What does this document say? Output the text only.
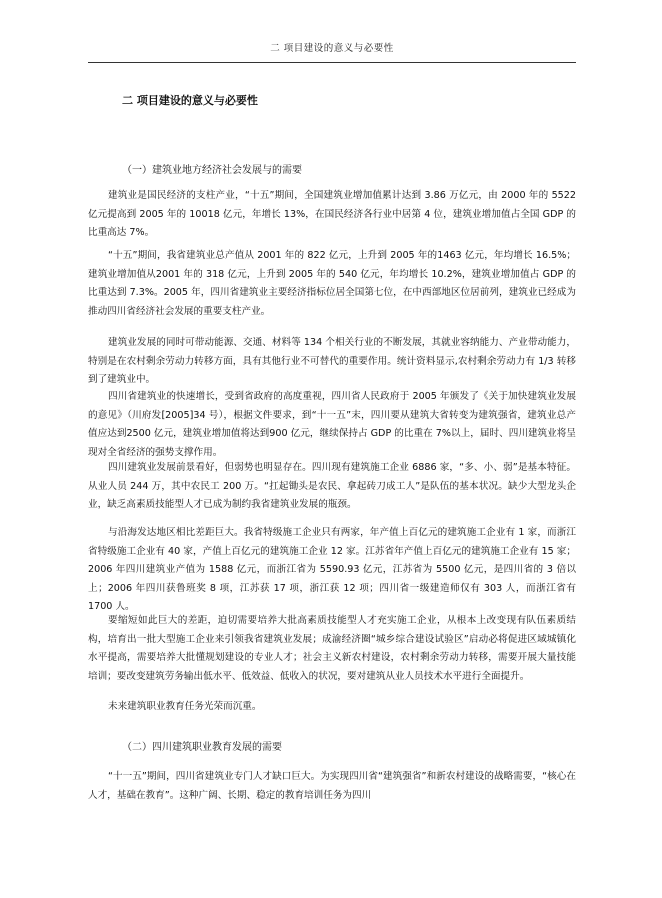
二 项目建设的意义与必要性
二 项目建设的意义与必要性
（一）建筑业地方经济社会发展与的需要

建筑业是国民经济的支柱产业，“十五”期间，全国建筑业增加值累计达到 3.86 万亿元，由 2000 年的 5522 亿元提高到 2005 年的 10018 亿元，年增长 13%，在国民经济各行业中居第 4 位，建筑业增加值占全国 GDP 的比重高达 7%。

“十五”期间，我省建筑业总产值从 2001 年的 822 亿元，上升到 2005 年的1463 亿元，年均增长 16.5%；建筑业增加值从2001 年的 318 亿元，上升到 2005 年的 540 亿元，年均增长 10.2%，建筑业增加值占 GDP 的比重达到 7.3%。2005 年，四川省建筑业主要经济指标位居全国第七位，在中西部地区位居前列，建筑业已经成为推动四川省经济社会发展的重要支柱产业。

建筑业发展的同时可带动能源、交通、材料等 134 个相关行业的不断发展，其就业容纳能力、产业带动能力，特别是在农村剩余劳动力转移方面，具有其他行业不可替代的重要作用。统计资料显示,农村剩余劳动力有 1/3 转移到了建筑业中。

四川省建筑业的快速增长，受到省政府的高度重视，四川省人民政府于 2005 年颁发了《关于加快建筑业发展的意见》（川府发[2005]34 号），根据文件要求，到“十一五”末，四川要从建筑大省转变为建筑强省，建筑业总产值应达到2500 亿元，建筑业增加值将达到900 亿元，继续保持占 GDP 的比重在 7%以上，届时、四川建筑业将呈现对全省经济的强势支撑作用。

四川建筑业发展前景看好，但弱势也明显存在。四川现有建筑施工企业 6886 家，“多、小、弱”是基本特征。从业人员 244 万，其中农民工 200 万。“扛起锄头是农民、拿起砖刀成工人”是队伍的基本状况。缺少大型龙头企业，缺乏高素质技能型人才已成为制约我省建筑业发展的瓶颈。

与沿海发达地区相比差距巨大。我省特级施工企业只有两家，年产值上百亿元的建筑施工企业有 1 家，而浙江省特级施工企业有 40 家，产值上百亿元的建筑施工企业 12 家。江苏省年产值上百亿元的建筑施工企业有 15 家；2006 年四川建筑业产值为 1588 亿元，而浙江省为 5590.93 亿元，江苏省为 5500 亿元，是四川省的 3 倍以上；2006 年四川获鲁班奖 8 项，江苏获 17 项，浙江获 12 项；四川省一级建造师仅有 303 人，而浙江省有 1700 人。

要缩短如此巨大的差距，迫切需要培养大批高素质技能型人才充实施工企业，从根本上改变现有队伍素质结构，培育出一批大型施工企业来引领我省建筑业发展；成渝经济圈“城乡综合建设试验区”启动必将促进区域城镇化水平提高，需要培养大批懂规划建设的专业人才；社会主义新农村建设，农村剩余劳动力转移，需要开展大量技能培训；要改变建筑劳务输出低水平、低效益、低收入的状况，要对建筑从业人员技术水平进行全面提升。

未来建筑职业教育任务光荣而沉重。

（二）四川建筑职业教育发展的需要

“十一五”期间，四川省建筑业专门人才缺口巨大。为实现四川省“建筑强省”和新农村建设的战略需要，“核心在人才，基础在教育”。这种广阔、长期、稳定的教育培训任务为四川
